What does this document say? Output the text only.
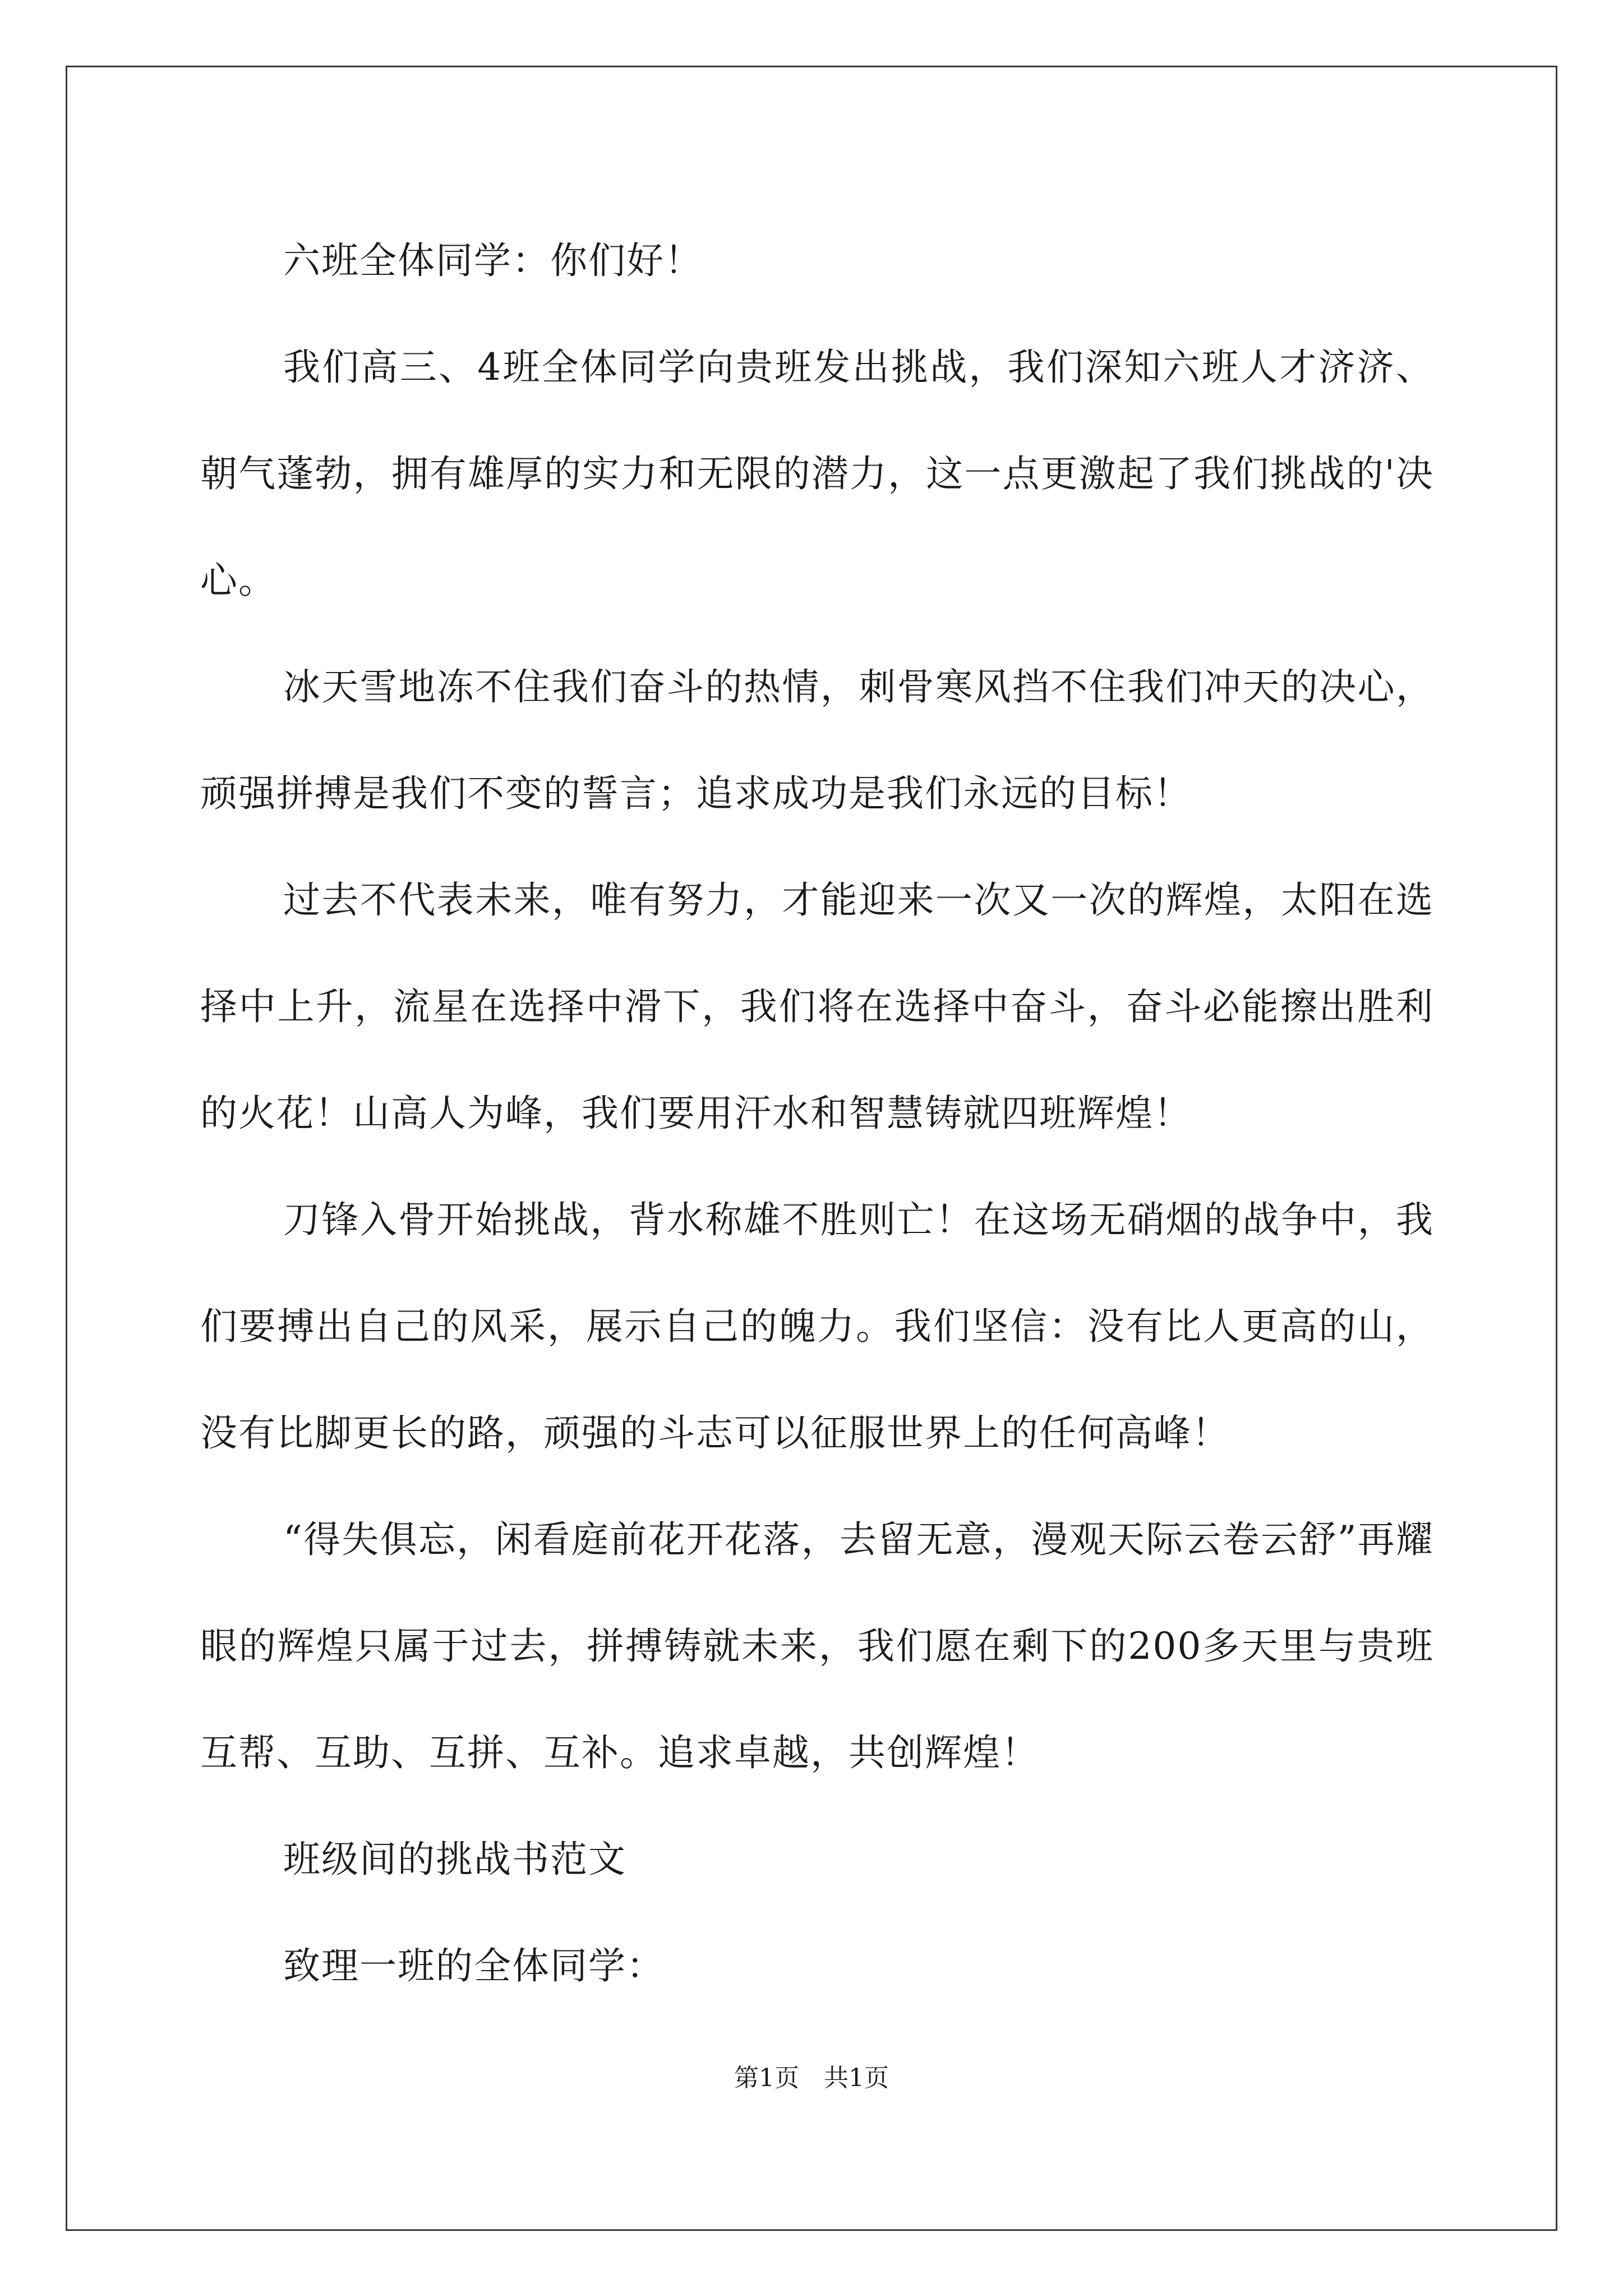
六班全体同学：你们好！

我们高三、4班全体同学向贵班发出挑战，我们深知六班人才济济、朝气蓬勃，拥有雄厚的实力和无限的潜力，这一点更激起了我们挑战的'决心。

冰天雪地冻不住我们奋斗的热情，刺骨寒风挡不住我们冲天的决心，顽强拼搏是我们不变的誓言；追求成功是我们永远的目标！

过去不代表未来，唯有努力，才能迎来一次又一次的辉煌，太阳在选择中上升，流星在选择中滑下，我们将在选择中奋斗，奋斗必能擦出胜利的火花！山高人为峰，我们要用汗水和智慧铸就四班辉煌！

刀锋入骨开始挑战，背水称雄不胜则亡！在这场无硝烟的战争中，我们要搏出自己的风采，展示自己的魄力。我们坚信：没有比人更高的山，没有比脚更长的路，顽强的斗志可以征服世界上的任何高峰！

“得失俱忘，闲看庭前花开花落，去留无意，漫观天际云卷云舒”再耀眼的辉煌只属于过去，拼搏铸就未来，我们愿在剩下的200多天里与贵班互帮、互助、互拼、互补。追求卓越，共创辉煌！

班级间的挑战书范文

致理一班的全体同学：

第1页　共1页
